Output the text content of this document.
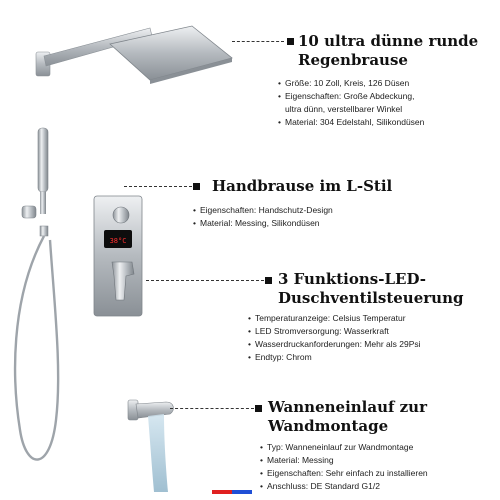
38°C
10 ultra dünne runde
Regenbrause
• Größe: 10 Zoll, Kreis, 126 Düsen
• Eigenschaften: Große Abdeckung,
ultra dünn, verstellbarer Winkel
• Material: 304 Edelstahl, Silikondüsen
Handbrause im L-Stil
• Eigenschaften: Handschutz-Design
• Material: Messing, Silikondüsen
3 Funktions-LED-
Duschventilsteuerung
• Temperaturanzeige: Celsius Temperatur
• LED Stromversorgung: Wasserkraft
• Wasserdruckanforderungen: Mehr als 29Psi
• Endtyp: Chrom
Wanneneinlauf zur
Wandmontage
• Typ: Wanneneinlauf zur Wandmontage
• Material: Messing
• Eigenschaften: Sehr einfach zu installieren
• Anschluss: DE Standard G1/2
